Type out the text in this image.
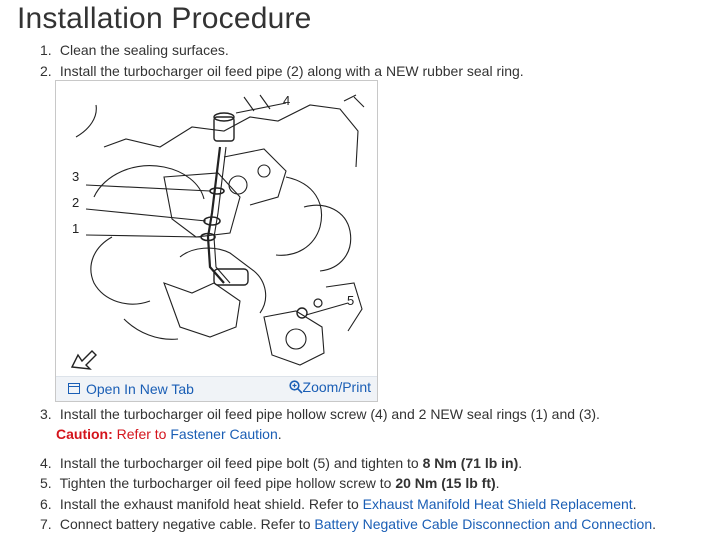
Installation Procedure
1. Clean the sealing surfaces.
2. Install the turbocharger oil feed pipe (2) along with a NEW rubber seal ring.
4
3
2
1
5
Open In New Tab	Zoom/Print
3. Install the turbocharger oil feed pipe hollow screw (4) and 2 NEW seal rings (1) and (3).
Caution: Refer to Fastener Caution.
4. Install the turbocharger oil feed pipe bolt (5) and tighten to 8 Nm (71 lb in).
5. Tighten the turbocharger oil feed pipe hollow screw to 20 Nm (15 lb ft).
6. Install the exhaust manifold heat shield. Refer to Exhaust Manifold Heat Shield Replacement.
7. Connect battery negative cable. Refer to Battery Negative Cable Disconnection and Connection.
